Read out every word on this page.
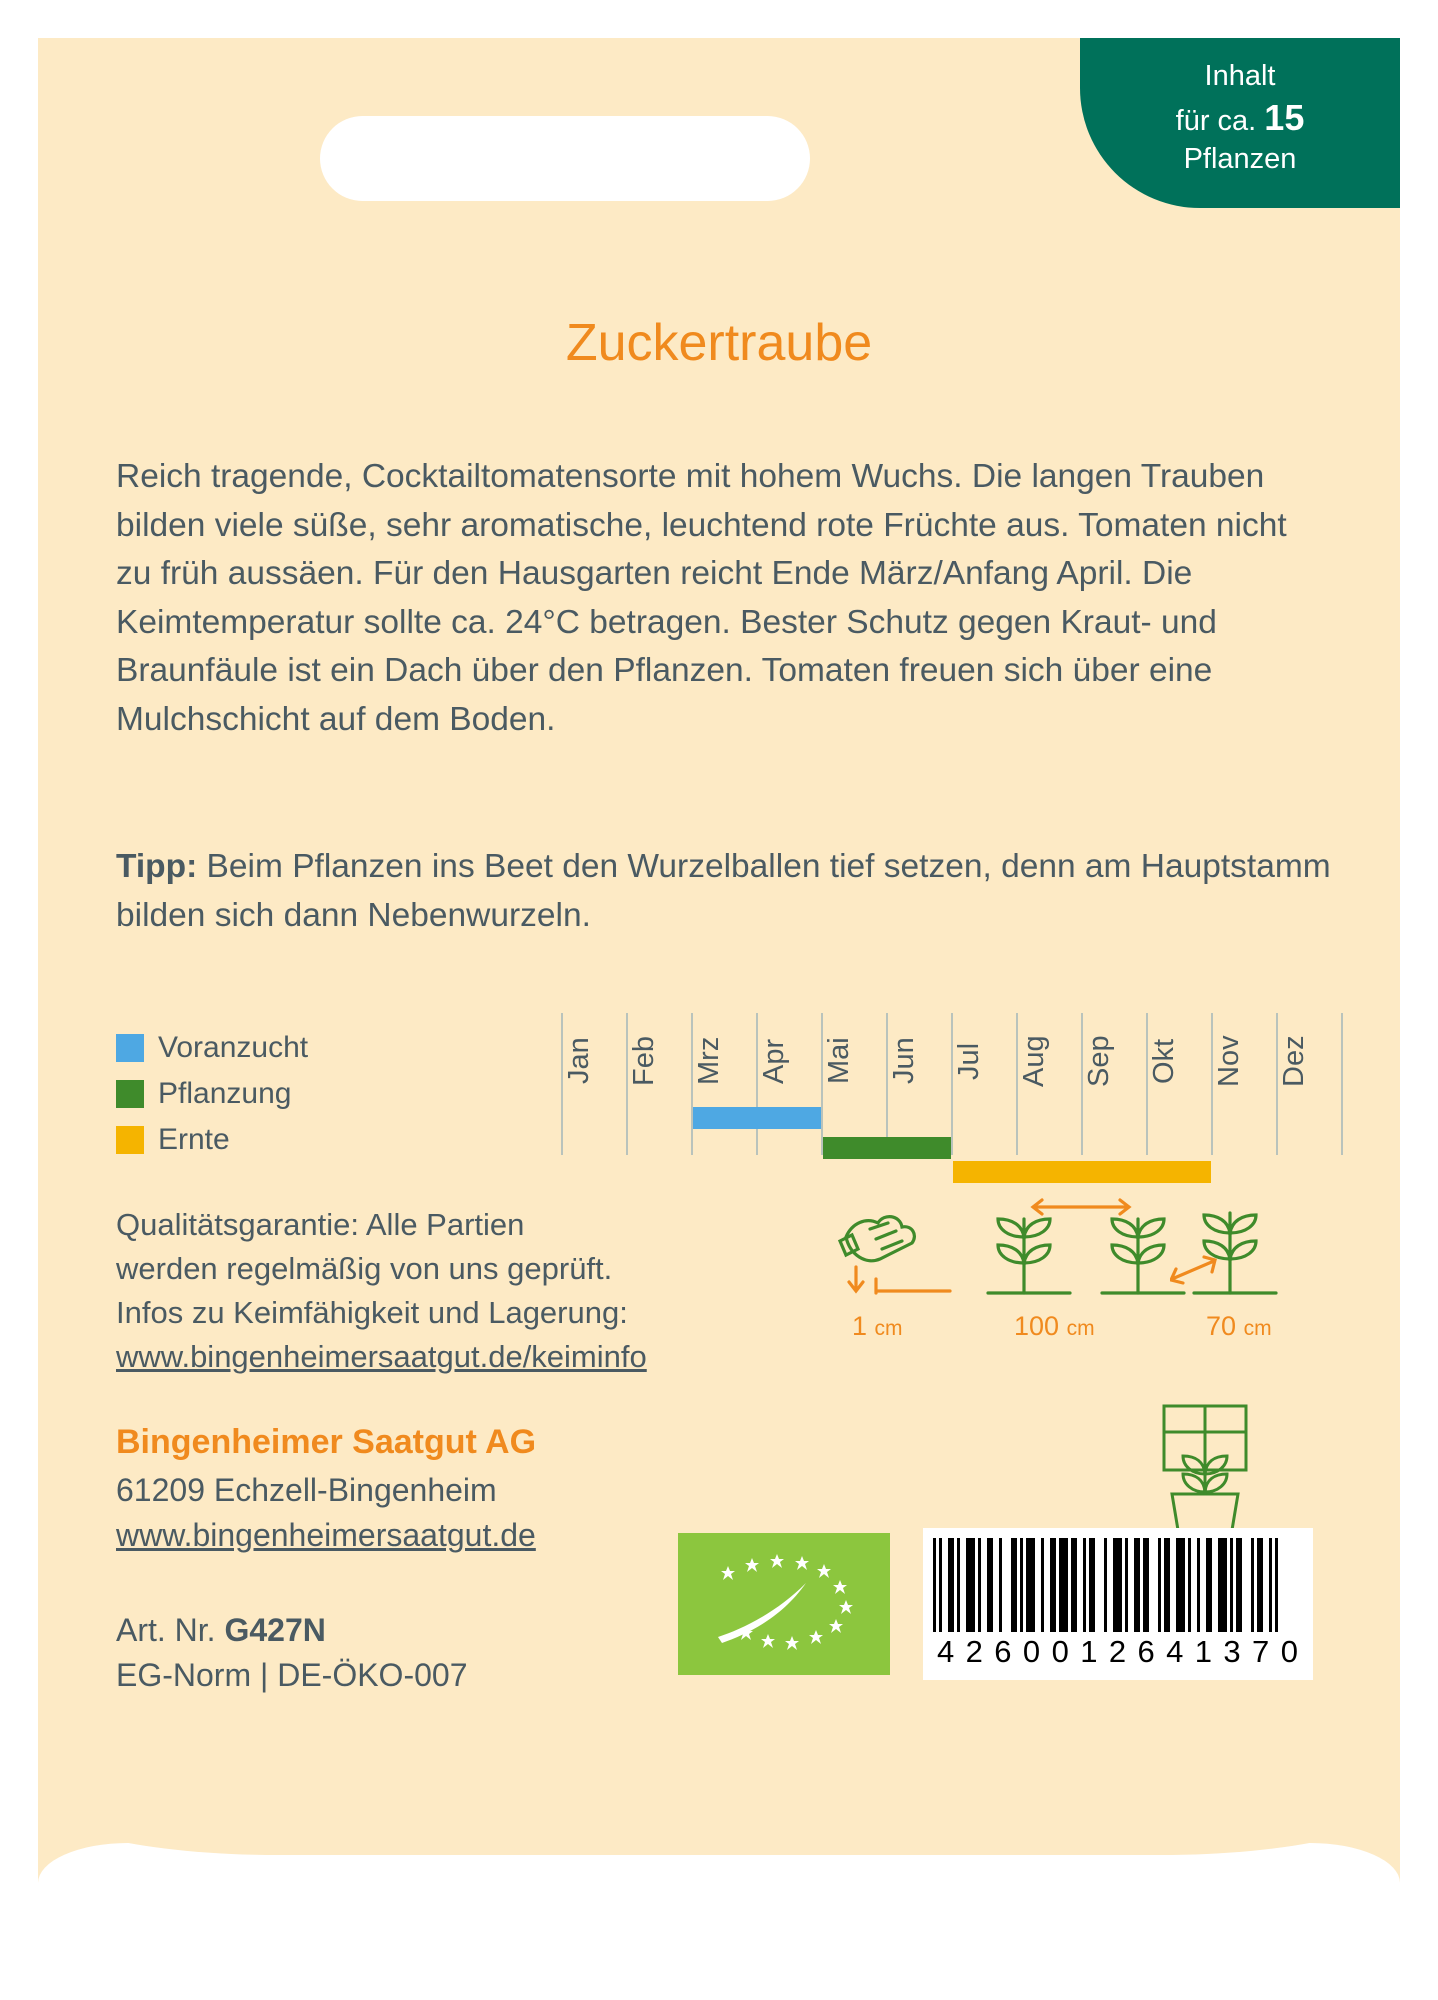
Inhalt
für ca. 15
Pflanzen
Zuckertraube
Reich tragende, Cocktailtomatensorte mit hohem Wuchs. Die langen Trauben bilden viele süße, sehr aromatische, leuchtend rote Früchte aus. Tomaten nicht zu früh aussäen. Für den Hausgarten reicht Ende März/Anfang April. Die Keimtemperatur sollte ca. 24°C betragen. Bester Schutz gegen Kraut- und Braunfäule ist ein Dach über den Pflanzen. Tomaten freuen sich über eine Mulchschicht auf dem Boden.
Tipp: Beim Pflanzen ins Beet den Wurzelballen tief setzen, denn am Hauptstamm bilden sich dann Nebenwurzeln.
Voranzucht
Pflanzung
Ernte
Jan	Feb	Mrz	Apr	Mai	Jun	Jul	Aug	Sep	Okt	Nov	Dez
Qualitätsgarantie: Alle Partien
werden regelmäßig von uns geprüft.
Infos zu Keimfähigkeit und Lagerung:
www.bingenheimersaatgut.de/keiminfo
1 cm	100 cm	70 cm
Bingenheimer Saatgut AG
61209 Echzell-Bingenheim
www.bingenheimersaatgut.de
Art. Nr. G427N
EG-Norm | DE-ÖKO-007
4 2 6 0 0 1 2 6 4 1 3 7 0
